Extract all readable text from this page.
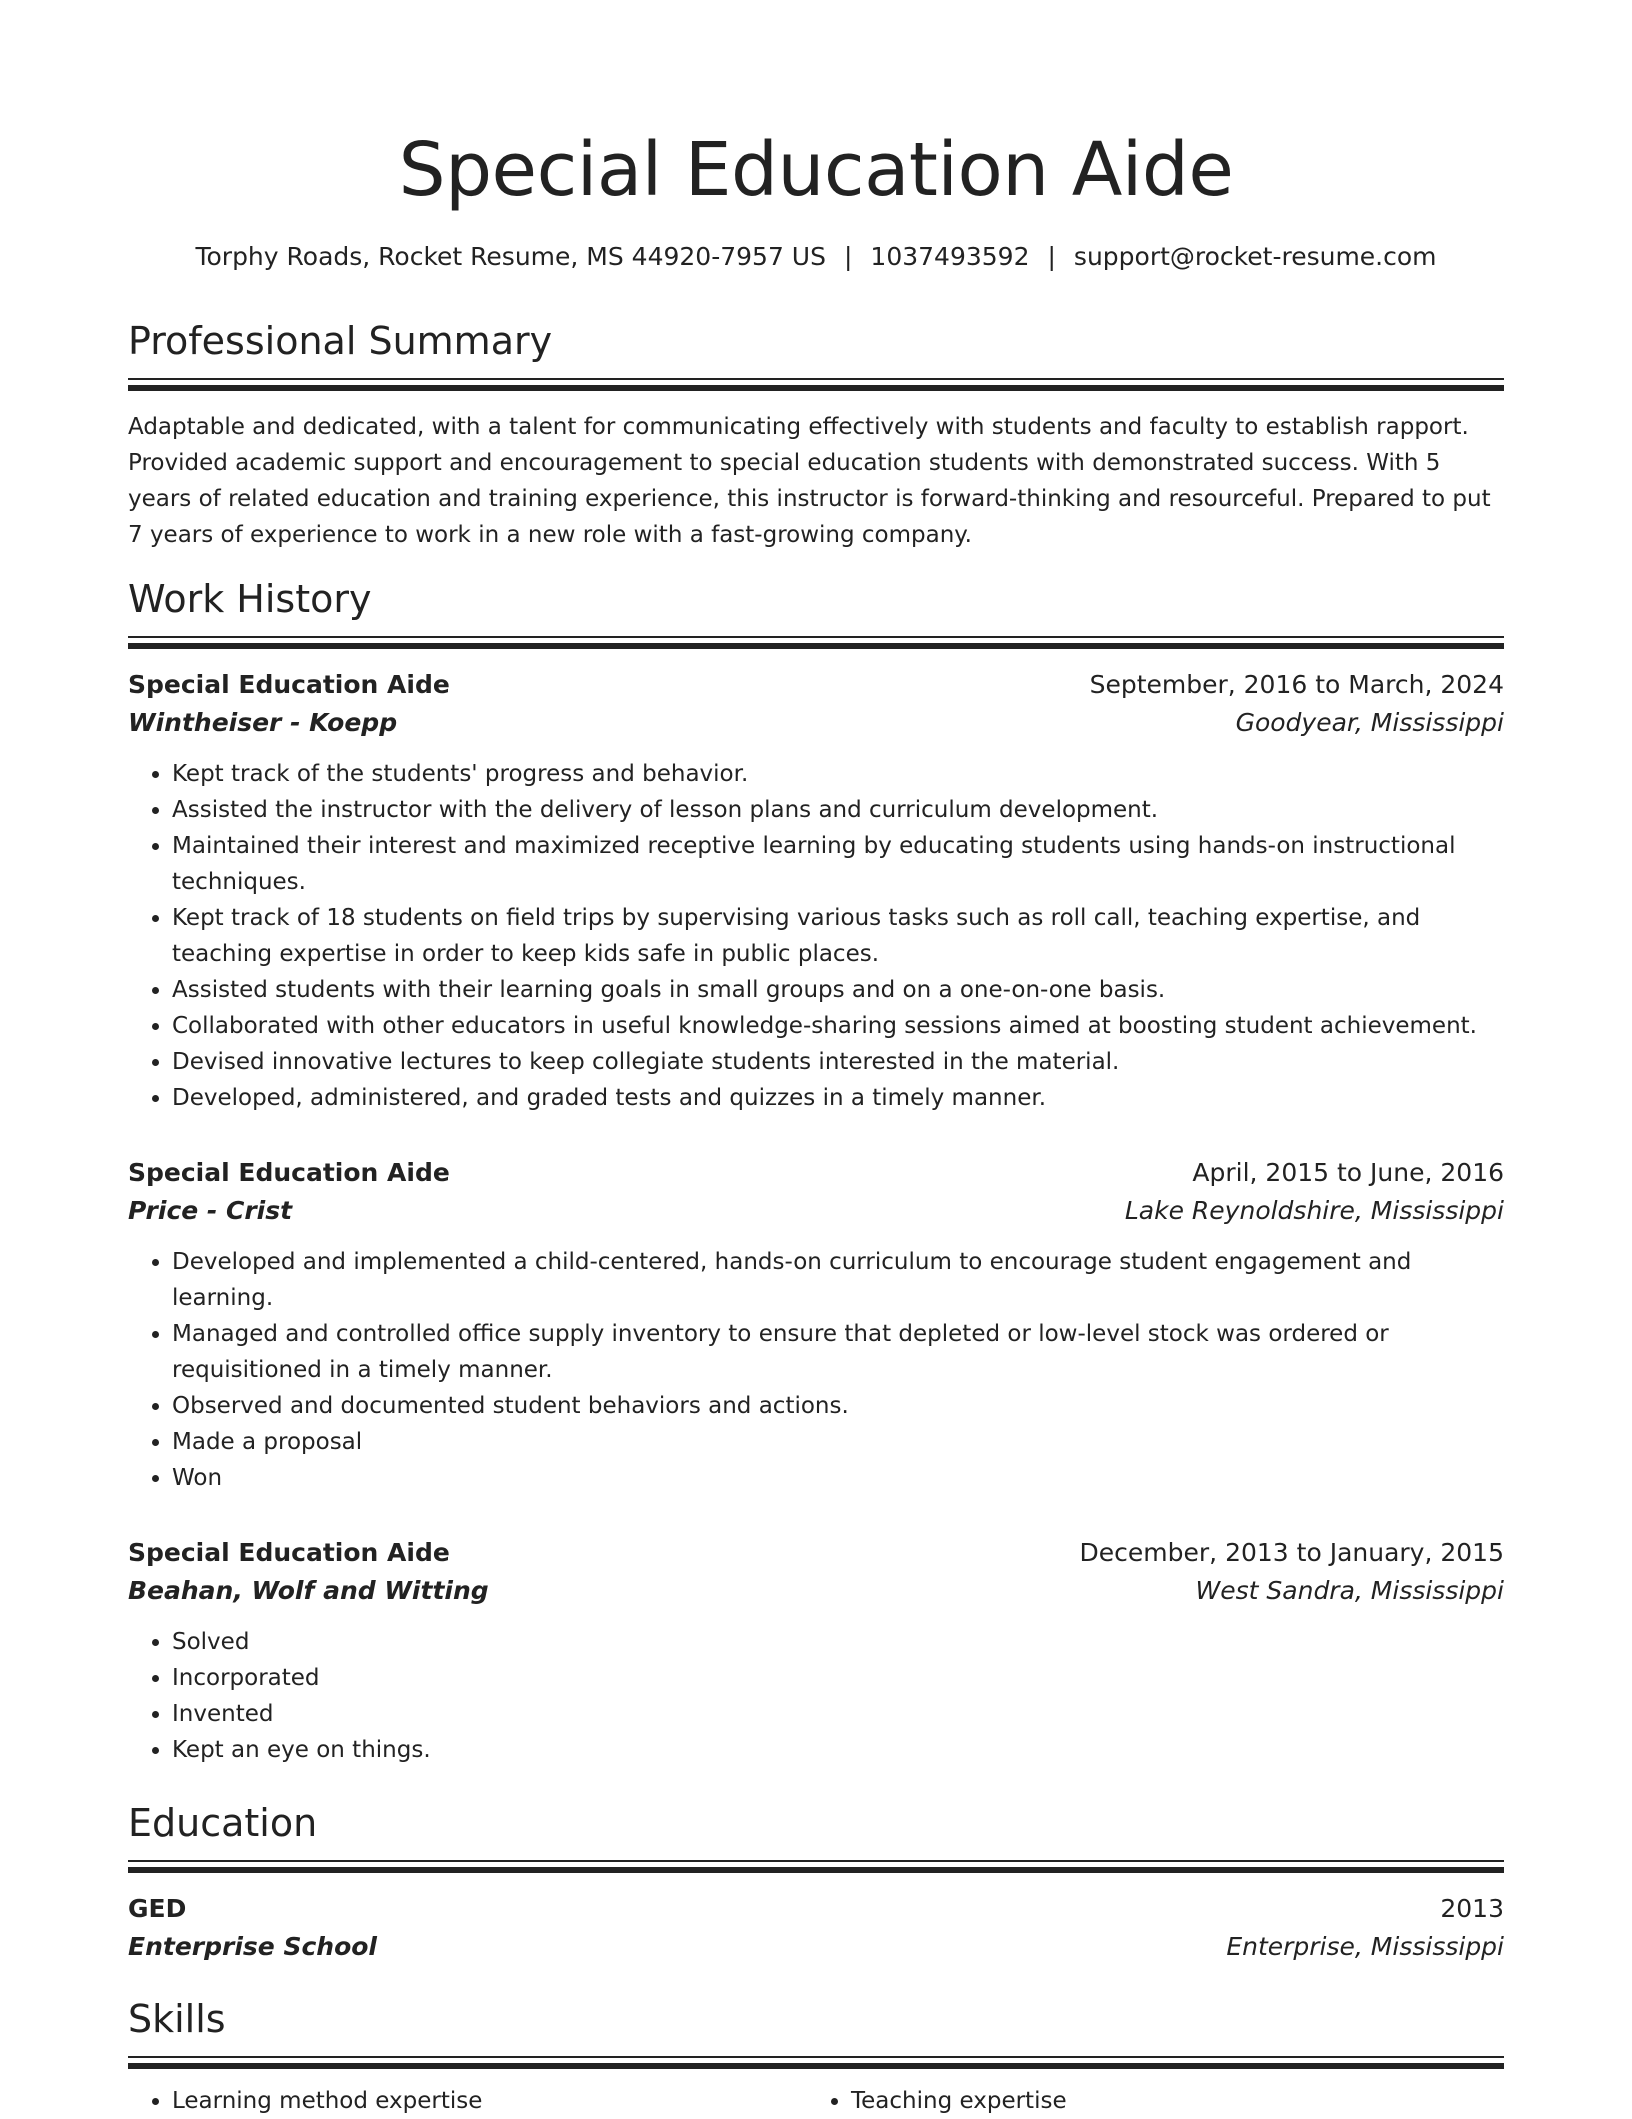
Special Education Aide
Torphy Roads, Rocket Resume, MS 44920-7957 US | 1037493592 | support@rocket-resume.com
Professional Summary

Adaptable and dedicated, with a talent for communicating effectively with students and faculty to establish rapport. Provided academic support and encouragement to special education students with demonstrated success. With 5 years of related education and training experience, this instructor is forward-thinking and resourceful. Prepared to put 7 years of experience to work in a new role with a fast-growing company.

Work History
Special Education Aide	September, 2016 to March, 2024
Wintheiser - Koepp	Goodyear, Mississippi
• Kept track of the students' progress and behavior.
• Assisted the instructor with the delivery of lesson plans and curriculum development.
• Maintained their interest and maximized receptive learning by educating students using hands-on instructional techniques.
• Kept track of 18 students on field trips by supervising various tasks such as roll call, teaching expertise, and teaching expertise in order to keep kids safe in public places.
• Assisted students with their learning goals in small groups and on a one-on-one basis.
• Collaborated with other educators in useful knowledge-sharing sessions aimed at boosting student achievement.
• Devised innovative lectures to keep collegiate students interested in the material.
• Developed, administered, and graded tests and quizzes in a timely manner.
Special Education Aide	April, 2015 to June, 2016
Price - Crist	Lake Reynoldshire, Mississippi
• Developed and implemented a child-centered, hands-on curriculum to encourage student engagement and learning.
• Managed and controlled office supply inventory to ensure that depleted or low-level stock was ordered or requisitioned in a timely manner.
• Observed and documented student behaviors and actions.
• Made a proposal
• Won
Special Education Aide	December, 2013 to January, 2015
Beahan, Wolf and Witting	West Sandra, Mississippi
• Solved
• Incorporated
• Invented
• Kept an eye on things.
Education
GED	2013
Enterprise School	Enterprise, Mississippi
Skills
• Learning method expertise
•	Teaching expertise
